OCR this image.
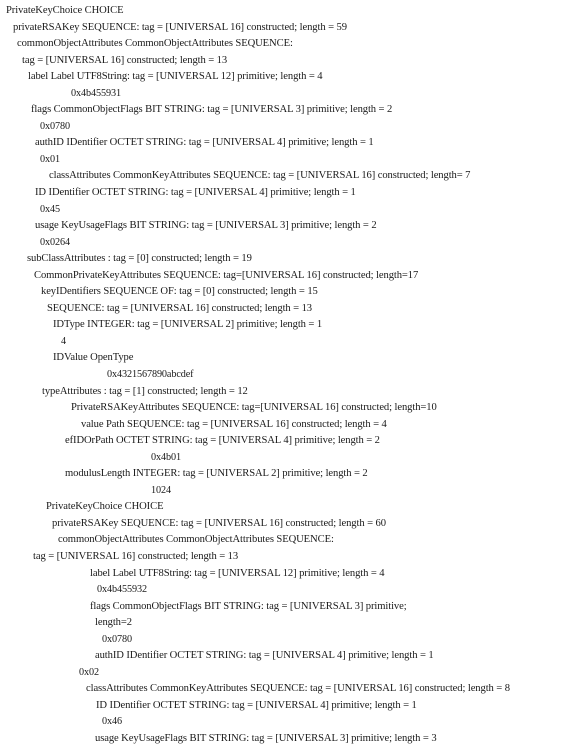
PrivateKeyChoice CHOICE
privateRSAKey SEQUENCE: tag = [UNIVERSAL 16] constructed; length = 59
commonObjectAttributes CommonObjectAttributes SEQUENCE:
tag = [UNIVERSAL 16] constructed; length = 13
label Label UTF8String: tag = [UNIVERSAL 12] primitive; length = 4
0x4b455931
flags CommonObjectFlags BIT STRING: tag = [UNIVERSAL 3] primitive; length = 2
0x0780
authID IDentifier OCTET STRING: tag = [UNIVERSAL 4] primitive; length = 1
0x01
classAttributes CommonKeyAttributes SEQUENCE: tag = [UNIVERSAL 16] constructed; length= 7
ID IDentifier OCTET STRING: tag = [UNIVERSAL 4] primitive; length = 1
0x45
usage KeyUsageFlags BIT STRING: tag = [UNIVERSAL 3] primitive; length = 2
0x0264
subClassAttributes : tag = [0] constructed; length = 19
CommonPrivateKeyAttributes SEQUENCE: tag=[UNIVERSAL 16] constructed; length=17
keyIDentifiers SEQUENCE OF: tag = [0] constructed; length = 15
SEQUENCE: tag = [UNIVERSAL 16] constructed; length = 13
IDType INTEGER: tag = [UNIVERSAL 2] primitive; length = 1
4
IDValue OpenType
0x4321567890abcdef
typeAttributes : tag = [1] constructed; length = 12
PrivateRSAKeyAttributes SEQUENCE: tag=[UNIVERSAL 16] constructed; length=10
value Path SEQUENCE: tag = [UNIVERSAL 16] constructed; length = 4
efIDOrPath OCTET STRING: tag = [UNIVERSAL 4] primitive; length = 2
0x4b01
modulusLength INTEGER: tag = [UNIVERSAL 2] primitive; length = 2
1024
PrivateKeyChoice CHOICE
privateRSAKey SEQUENCE: tag = [UNIVERSAL 16] constructed; length = 60
commonObjectAttributes CommonObjectAttributes SEQUENCE:
tag = [UNIVERSAL 16] constructed; length = 13
label Label UTF8String: tag = [UNIVERSAL 12] primitive; length = 4
0x4b455932
flags CommonObjectFlags BIT STRING: tag = [UNIVERSAL 3] primitive;
length=2
0x0780
authID IDentifier OCTET STRING: tag = [UNIVERSAL 4] primitive; length = 1
0x02
classAttributes CommonKeyAttributes SEQUENCE: tag = [UNIVERSAL 16] constructed; length = 8
ID IDentifier OCTET STRING: tag = [UNIVERSAL 4] primitive; length = 1
0x46
usage KeyUsageFlags BIT STRING: tag = [UNIVERSAL 3] primitive; length = 3
